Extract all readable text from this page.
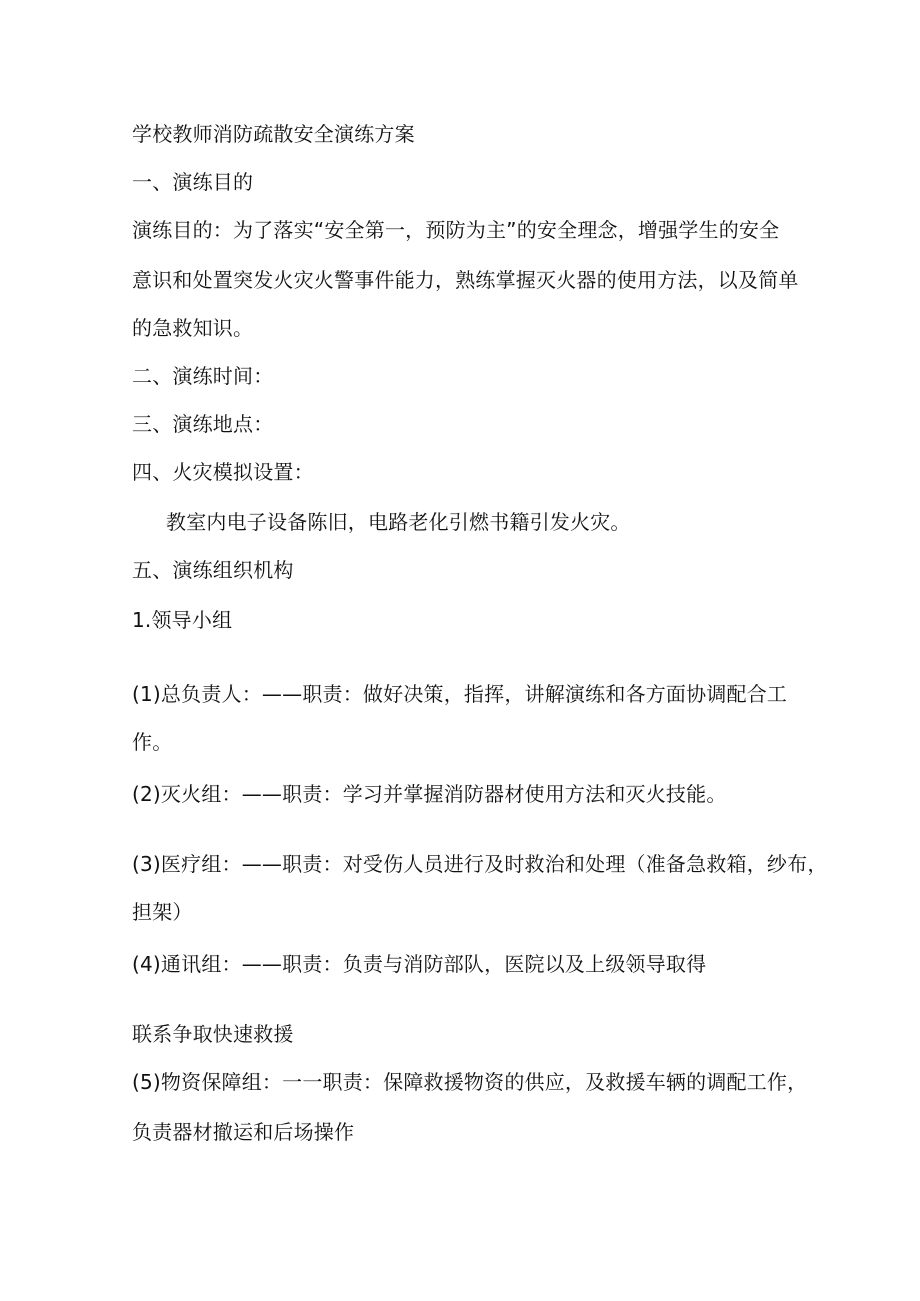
学校教师消防疏散安全演练方案
一、演练目的
演练目的：为了落实“安全第一，预防为主”的安全理念，增强学生的安全
意识和处置突发火灾火警事件能力，熟练掌握灭火器的使用方法，以及简单
的急救知识。
二、演练时间：
三、演练地点：
四、火灾模拟设置：
教室内电子设备陈旧，电路老化引燃书籍引发火灾。
五、演练组织机构
1.领导小组
(1)总负责人：——职责：做好决策，指挥，讲解演练和各方面协调配合工
作。
(2)灭火组：——职责：学习并掌握消防器材使用方法和灭火技能。
(3)医疗组：——职责：对受伤人员进行及时救治和处理（准备急救箱，纱布，
担架）
(4)通讯组：——职责：负责与消防部队，医院以及上级领导取得
联系争取快速救援
(5)物资保障组：一一职责：保障救援物资的供应，及救援车辆的调配工作，
负责器材撤运和后场操作
